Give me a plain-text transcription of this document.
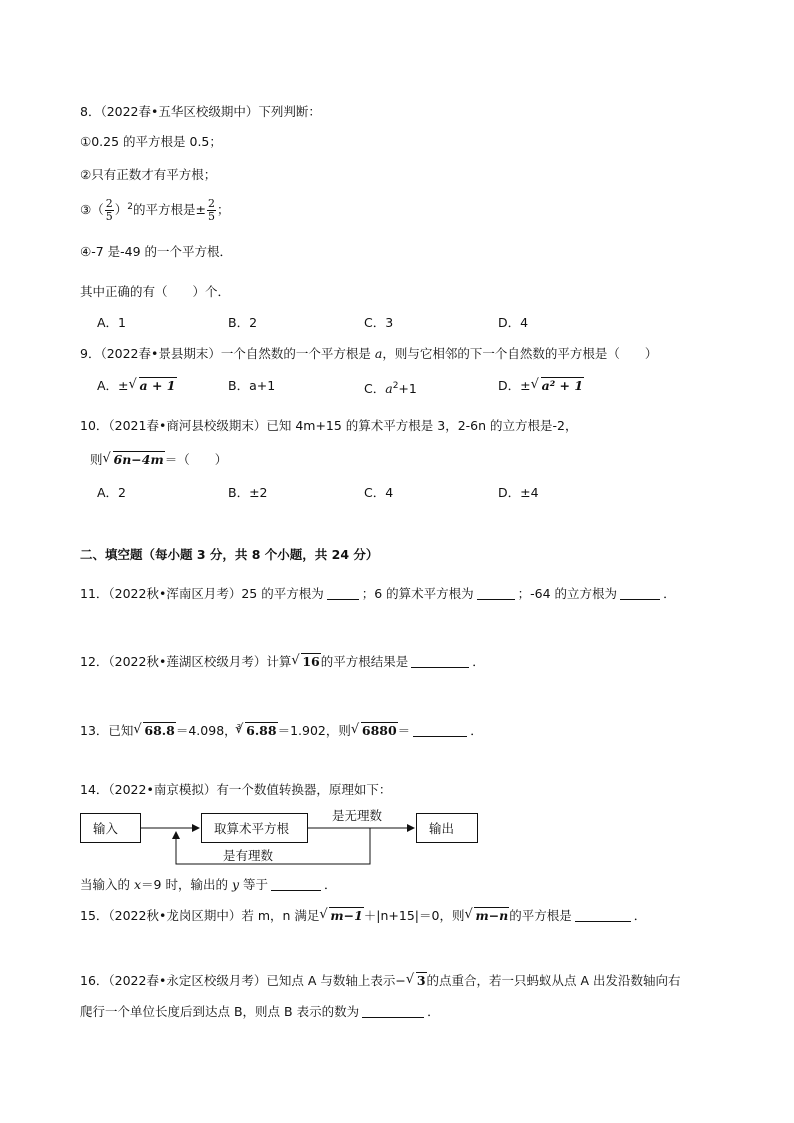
8．（2022春•五华区校级期中）下列判断：
①0.25 的平方根是 0.5；
②只有正数才有平方根；
③（ $\frac{2}{5} )^2$的平方根是± $\frac{2}{5}$ ；
④-7 是-49 的一个平方根．
其中正确的有（　　）个．
A．1	B．2	C．3	D．4
9．（2022春•景县期末）一个自然数的一个平方根是 a，则与它相邻的下一个自然数的平方根是（　　）
A．± √ a + 1	B．a+1	C．$a^2+1$	D．± √ a² + 1
10．（2021春•商河县校级期末）已知 4m+15 的算术平方根是 3，2-6n 的立方根是-2，
则 √ 6n−4m＝（　　）
A．2	B．±2	C．4	D．±4
二、填空题（每小题 3 分，共 8 个小题，共 24 分）
11．（2022秋•浑南区月考）25 的平方根为	；6 的算术平方根为	；-64 的立方根为	．
12．（2022秋•莲湖区校级月考）计算 √ 16的平方根结果是	．
13．已知 √ 68.8＝4.098，$^3$ √ 6.88＝1.902，则 √ 6880＝	．
14．（2022•南京模拟）有一个数值转换器，原理如下：
输入	取算术平方根	输出
是无理数
是有理数
当输入的 x＝9 时，输出的 y 等于	．
15．（2022秋•龙岗区期中）若 m，n 满足 √ m−1＋|n+15|＝0，则 √ m−n的平方根是	．
16．（2022春•永定区校级月考）已知点 A 与数轴上表示− √ 3的点重合，若一只蚂蚁从点 A 出发沿数轴向右
爬行一个单位长度后到达点 B，则点 B 表示的数为	．
